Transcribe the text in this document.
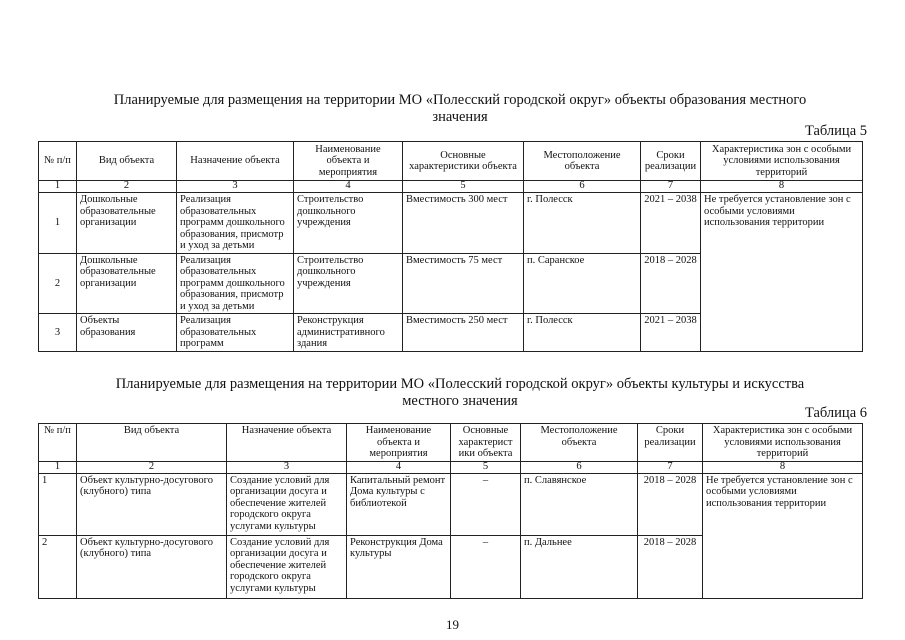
Планируемые для размещения на территории МО «Полесский городской округ» объекты образования местного
значения
Таблица 5
№ п/п	Вид объекта	Назначение объекта	Наименование объекта и мероприятия	Основные характеристики объекта	Местоположение объекта	Сроки реализации	Характеристика зон с особыми условиями использования территорий
1	2	3	4	5	6	7	8
1	Дошкольные образовательные организации	Реализация образовательных программ дошкольного образования, присмотр и уход за детьми	Строительство дошкольного учреждения	Вместимость 300 мест	г. Полесск	2021 – 2038	Не требуется установление зон с особыми условиями использования территории
2	Дошкольные образовательные организации	Реализация образовательных программ дошкольного образования, присмотр и уход за детьми	Строительство дошкольного учреждения	Вместимость 75 мест	п. Саранское	2018 – 2028	
3	Объекты образования	Реализация образовательных программ	Реконструкция административного здания	Вместимость 250 мест	г. Полесск	2021 – 2038	
Планируемые для размещения на территории МО «Полесский городской округ» объекты культуры и искусства
местного значения
Таблица 6
№ п/п	Вид объекта	Назначение объекта	Наименование объекта и мероприятия	Основные характерист ики объекта	Местоположение объекта	Сроки реализации	Характеристика зон с особыми условиями использования территорий
1	2	3	4	5	6	7	8
1	Объект культурно-досугового (клубного) типа	Создание условий для организации досуга и обеспечение жителей городского округа услугами культуры	Капитальный ремонт Дома культуры с библиотекой	–	п. Славянское	2018 – 2028	Не требуется установление зон с особыми условиями использования территории
2	Объект культурно-досугового (клубного) типа	Создание условий для организации досуга и обеспечение жителей городского округа услугами культуры	Реконструкция Дома культуры	–	п. Дальнее	2018 – 2028	
19
